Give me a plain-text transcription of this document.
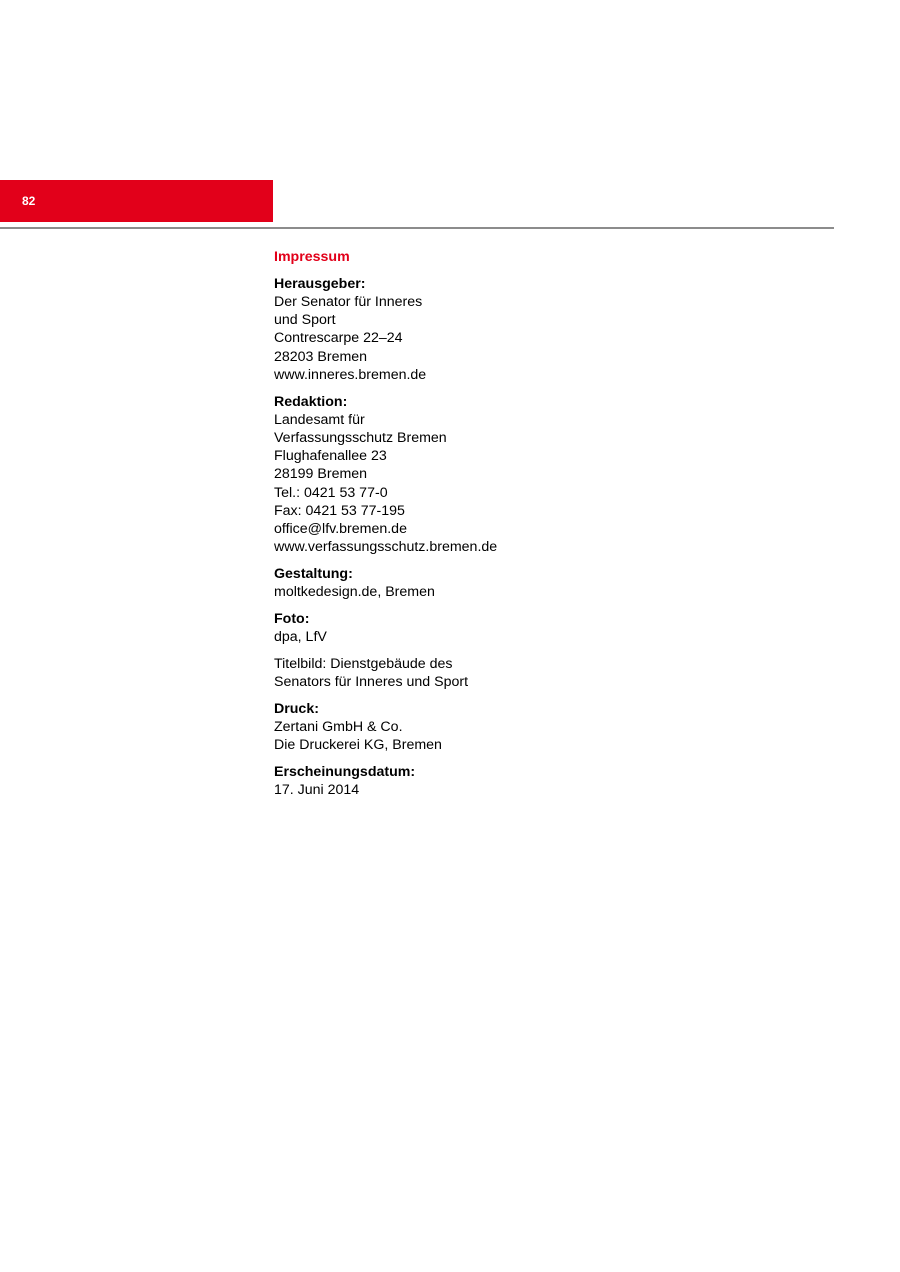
82
Impressum
Herausgeber:
Der Senator für Inneres
und Sport
Contrescarpe 22–24
28203 Bremen
www.inneres.bremen.de
Redaktion:
Landesamt für
Verfassungsschutz Bremen
Flughafenallee 23
28199 Bremen
Tel.: 0421 53 77-0
Fax: 0421 53 77-195
office@lfv.bremen.de
www.verfassungsschutz.bremen.de
Gestaltung:
moltkedesign.de, Bremen
Foto:
dpa, LfV
Titelbild: Dienstgebäude des
Senators für Inneres und Sport
Druck:
Zertani GmbH & Co.
Die Druckerei KG, Bremen
Erscheinungsdatum:
17. Juni 2014
